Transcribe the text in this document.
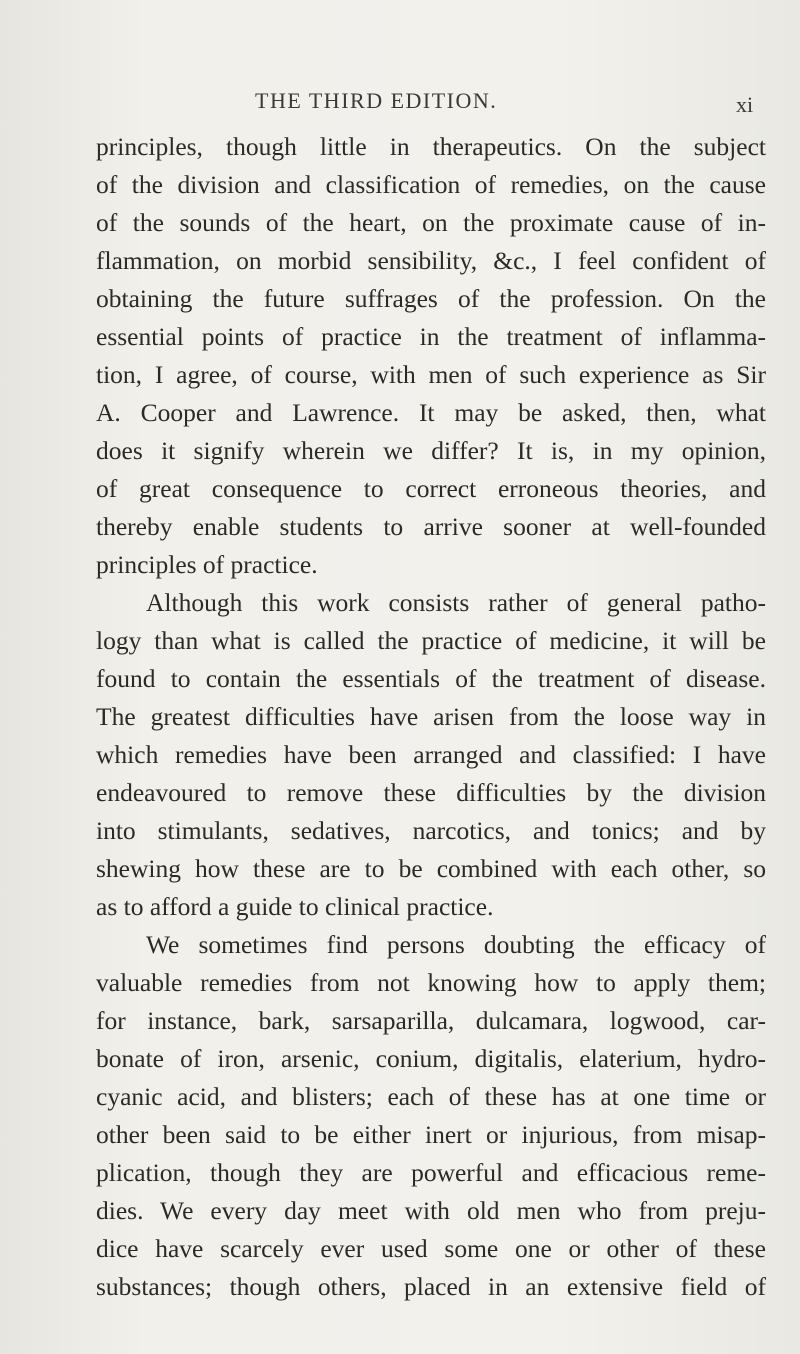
THE THIRD EDITION.	xi

principles, though little in therapeutics. On the subject
of the division and classification of remedies, on the cause
of the sounds of the heart, on the proximate cause of in-
flammation, on morbid sensibility, &c., I feel confident of
obtaining the future suffrages of the profession. On the
essential points of practice in the treatment of inflamma-
tion, I agree, of course, with men of such experience as Sir
A. Cooper and Lawrence. It may be asked, then, what
does it signify wherein we differ? It is, in my opinion,
of great consequence to correct erroneous theories, and
thereby enable students to arrive sooner at well-founded
principles of practice.

Although this work consists rather of general patho-
logy than what is called the practice of medicine, it will be
found to contain the essentials of the treatment of disease.
The greatest difficulties have arisen from the loose way in
which remedies have been arranged and classified: I have
endeavoured to remove these difficulties by the division
into stimulants, sedatives, narcotics, and tonics; and by
shewing how these are to be combined with each other, so
as to afford a guide to clinical practice.

We sometimes find persons doubting the efficacy of
valuable remedies from not knowing how to apply them;
for instance, bark, sarsaparilla, dulcamara, logwood, car-
bonate of iron, arsenic, conium, digitalis, elaterium, hydro-
cyanic acid, and blisters; each of these has at one time or
other been said to be either inert or injurious, from misap-
plication, though they are powerful and efficacious reme-
dies. We every day meet with old men who from preju-
dice have scarcely ever used some one or other of these
substances; though others, placed in an extensive field of
